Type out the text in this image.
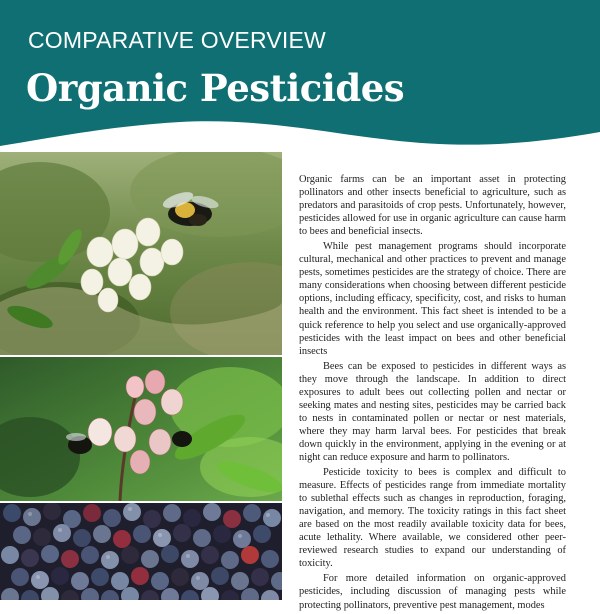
COMPARATIVE OVERVIEW
Organic Pesticides

Organic farms can be an important asset in protecting pollinators and other insects beneficial to agriculture, such as predators and parasitoids of crop pests. Unfortunately, however, pesticides allowed for use in organic agriculture can cause harm to bees and beneficial insects.

While pest management programs should incorporate cultural, mechanical and other practices to prevent and manage pests, sometimes pesticides are the strategy of choice. There are many considerations when choosing between different pesticide options, including efficacy, specificity, cost, and risks to human health and the environment. This fact sheet is intended to be a quick reference to help you select and use organically-approved pesticides with the least impact on bees and other beneficial insects

Bees can be exposed to pesticides in different ways as they move through the landscape. In addition to direct exposures to adult bees out collecting pollen and nectar or seeking mates and nesting sites, pesticides may be carried back to nests in contaminated pollen or nectar or nest materials, where they may harm larval bees. For pesticides that break down quickly in the environment, applying in the evening or at night can reduce exposure and harm to pollinators.

Pesticide toxicity to bees is complex and difficult to measure. Effects of pesticides range from immediate mortality to sublethal effects such as changes in reproduction, foraging, navigation, and memory. The toxicity ratings in this fact sheet are based on the most readily available toxicity data for bees, acute lethality. Where available, we considered other peer-reviewed research studies to expand our understanding of toxicity.

For more detailed information on organic-approved pesticides, including discussion of managing pests while protecting pollinators, preventive pest management, modes
